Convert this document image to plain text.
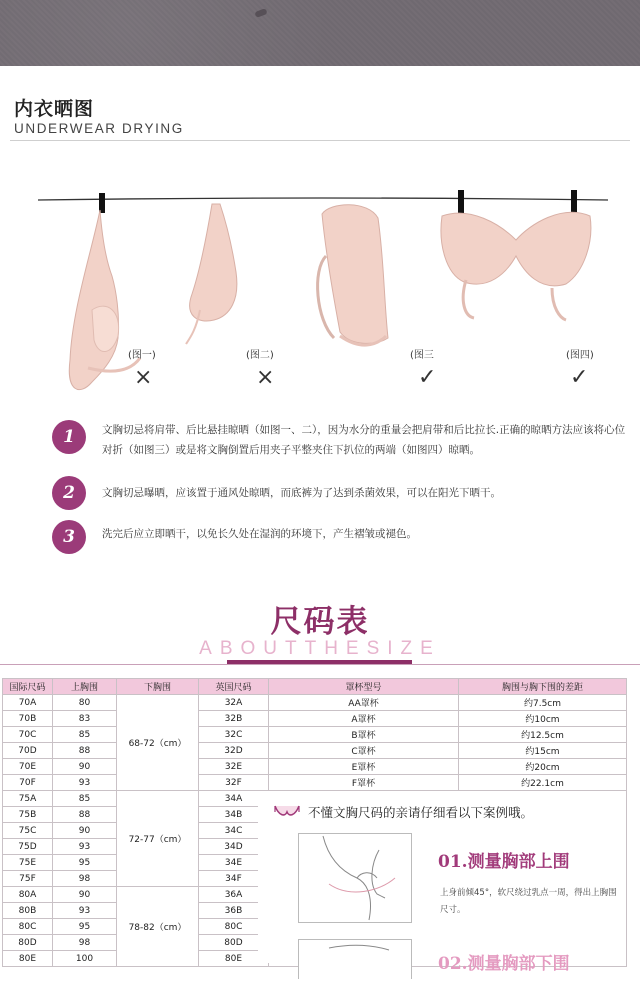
内衣晒图
UNDERWEAR DRYING
(图一)	(图二)	(图三	(图四)
×	×	✓	✓
1	文胸切忌将肩带、后比悬挂晾晒（如图一、二），因为水分的重量会把肩带和后比拉长.正确的晾晒方法应该将心位对折（如图三）或是将文胸倒置后用夹子平整夹住下扒位的两端（如图四）晾晒。
2	文胸切忌曝晒，应该置于通风处晾晒，而底裤为了达到杀菌效果，可以在阳光下晒干。
3	洗完后应立即晒干，以免长久处在湿润的环境下，产生褶皱或褪色。
尺码表
ABOUTTHESIZE
国际尺码	上胸围	下胸围	英国尺码	罩杯型号	胸围与胸下围的差距
70A	80	68-72（cm）	32A	AA罩杯	约7.5cm
70B	83		32B	A罩杯	约10cm
70C	85		32C	B罩杯	约12.5cm
70D	88		32D	C罩杯	约15cm
70E	90		32E	E罩杯	约20cm
70F	93		32F	F罩杯	约22.1cm
75A	85	72-77（cm）	34A		
75B	88		34B		
75C	90		34C		
75D	93		34D		
75E	95		34E		
75F	98		34F		
80A	90	78-82（cm）	36A		
80B	93		36B		
80C	95		80C		
80D	98		80D		
80E	100		80E		
不懂文胸尺码的亲请仔细看以下案例哦。
01.测量胸部上围
上身前倾45°，软尺绕过乳点一周，得出上胸围尺寸。
02.测量胸部下围
